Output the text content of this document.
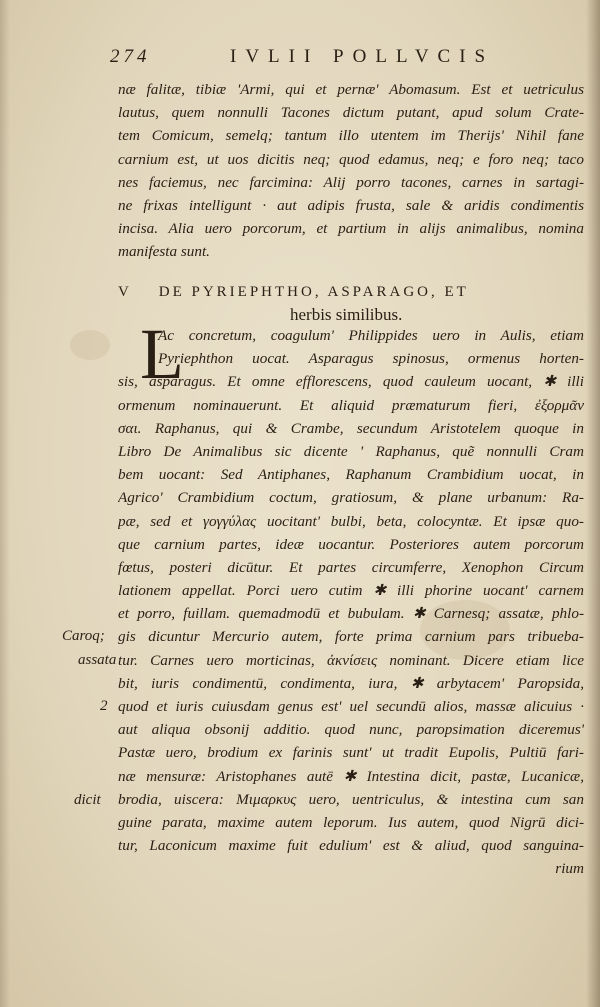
274	IVLII POLLVCIS
næ falitæ, tibiæ 'Armi, qui et pernæ' Abomasum. Est et uetriculus
lautus, quem nonnulli Tacones dictum putant, apud solum Crate-
tem Comicum, semelq; tantum illo utentem im Therijs' Nihil fane
carnium est, ut uos dicitis neq; quod edamus, neq; e foro neq; taco
nes faciemus, nec farcimina: Alij porro tacones, carnes in sartagi-
ne frixas intelligunt · aut adipis frusta, sale & aridis condimentis
incisa. Alia uero porcorum, et partium in alijs animalibus, nomina
manifesta sunt.
V DE PYRIEPHTHO, ASPARAGO, ET
herbis similibus.
L
Ac concretum, coagulum' Philippides uero in Aulis, etiam
Pyriephthon uocat. Asparagus spinosus, ormenus horten-
sis, asparagus. Et omne efflorescens, quod cauleum uocant, ✱ illi
ormenum nominauerunt. Et aliquid præmaturum fieri, ἐξορμᾶν
σαι. Raphanus, qui & Crambe, secundum Aristotelem quoque in
Libro De Animalibus sic dicente ' Raphanus, quẽ nonnulli Cram
bem uocant: Sed Antiphanes, Raphanum Crambidium uocat, in
Agrico' Crambidium coctum, gratiosum, & plane urbanum: Ra-
pæ, sed et γογγύλας uocitant' bulbi, beta, colocyntæ. Et ipsæ quo-
que carnium partes, ideæ uocantur. Posteriores autem porcorum
fœtus, posteri dicūtur. Et partes circumferre, Xenophon Circum
lationem appellat. Porci uero cutim ✱ illi phorine uocant' carnem
et porro, fuillam. quemadmodū et bubulam. ✱ Carnesq; assatæ, phlo-
gis dicuntur Mercurio autem, forte prima carnium pars tribueba-
tur. Carnes uero morticinas, ἀκνίσεις nominant. Dicere etiam lice
bit, iuris condimentū, condimenta, iura, ✱ arbytacem' Paropsida,
quod et iuris cuiusdam genus est' uel secundū alios, massæ alicuius ·
aut aliqua obsonij additio. quod nunc, paropsimation diceremus'
Pastæ uero, brodium ex farinis sunt' ut tradit Eupolis, Pultiū fari-
næ mensuræ: Aristophanes autē ✱ Intestina dicit, pastæ, Lucanicæ,
brodia, uiscera: Μιμαρκυς uero, uentriculus, & intestina cum san
guine parata, maxime autem leporum. Ius autem, quod Nigrū dici-
tur, Laconicum maxime fuit edulium' est & aliud, quod sanguina-
rium
Caroq;
assata
2
dicit
